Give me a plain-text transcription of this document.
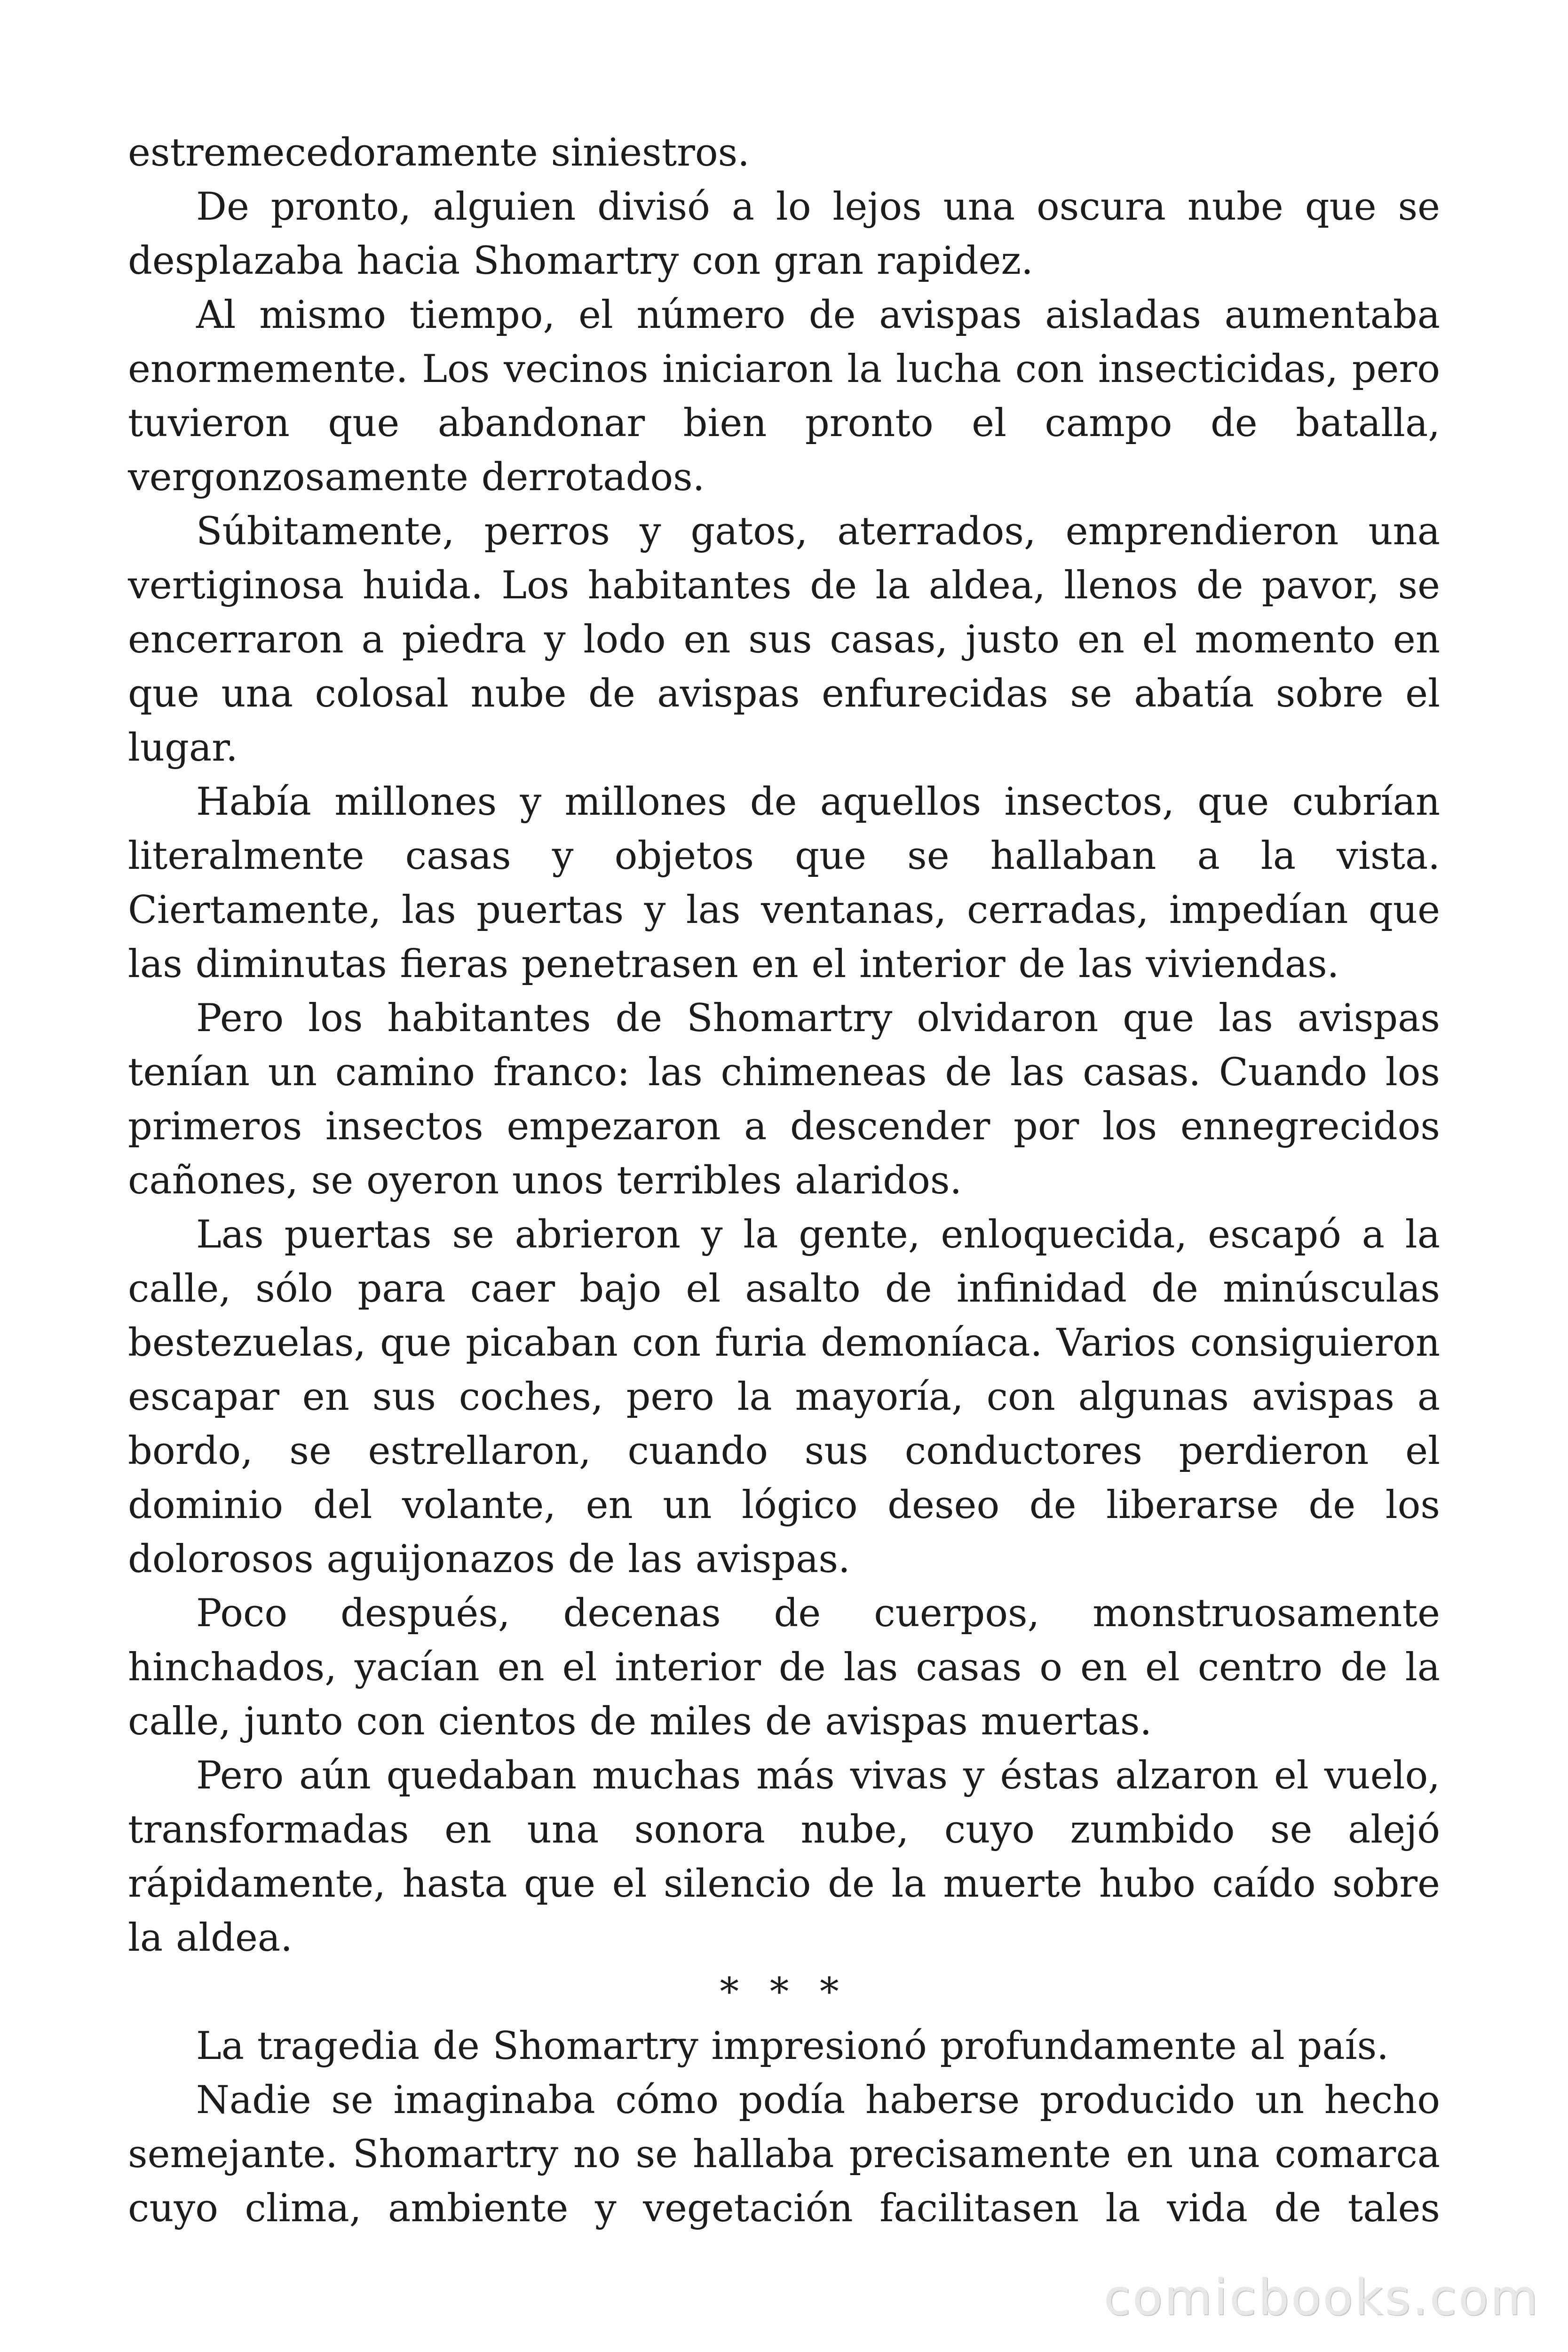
estremecedoramente siniestros.

De pronto, alguien divisó a lo lejos una oscura nube que se desplazaba hacia Shomartry con gran rapidez.

Al mismo tiempo, el número de avispas aisladas aumentaba enormemente. Los vecinos iniciaron la lucha con insecticidas, pero tuvieron que abandonar bien pronto el campo de batalla, vergonzosamente derrotados.

Súbitamente, perros y gatos, aterrados, emprendieron una vertiginosa huida. Los habitantes de la aldea, llenos de pavor, se encerraron a piedra y lodo en sus casas, justo en el momento en que una colosal nube de avispas enfurecidas se abatía sobre el lugar.

Había millones y millones de aquellos insectos, que cubrían literalmente casas y objetos que se hallaban a la vista. Ciertamente, las puertas y las ventanas, cerradas, impedían que las diminutas fieras penetrasen en el interior de las viviendas.

Pero los habitantes de Shomartry olvidaron que las avispas tenían un camino franco: las chimeneas de las casas. Cuando los primeros insectos empezaron a descender por los ennegrecidos cañones, se oyeron unos terribles alaridos.

Las puertas se abrieron y la gente, enloquecida, escapó a la calle, sólo para caer bajo el asalto de infinidad de minúsculas bestezuelas, que picaban con furia demoníaca. Varios consiguieron escapar en sus coches, pero la mayoría, con algunas avispas a bordo, se estrellaron, cuando sus conductores perdieron el dominio del volante, en un lógico deseo de liberarse de los dolorosos aguijonazos de las avispas.

Poco después, decenas de cuerpos, monstruosamente hinchados, yacían en el interior de las casas o en el centro de la calle, junto con cientos de miles de avispas muertas.

Pero aún quedaban muchas más vivas y éstas alzaron el vuelo, transformadas en una sonora nube, cuyo zumbido se alejó rápidamente, hasta que el silencio de la muerte hubo caído sobre la aldea.

* * *

La tragedia de Shomartry impresionó profundamente al país.

Nadie se imaginaba cómo podía haberse producido un hecho semejante. Shomartry no se hallaba precisamente en una comarca cuyo clima, ambiente y vegetación facilitasen la vida de tales

comicbooks.com
